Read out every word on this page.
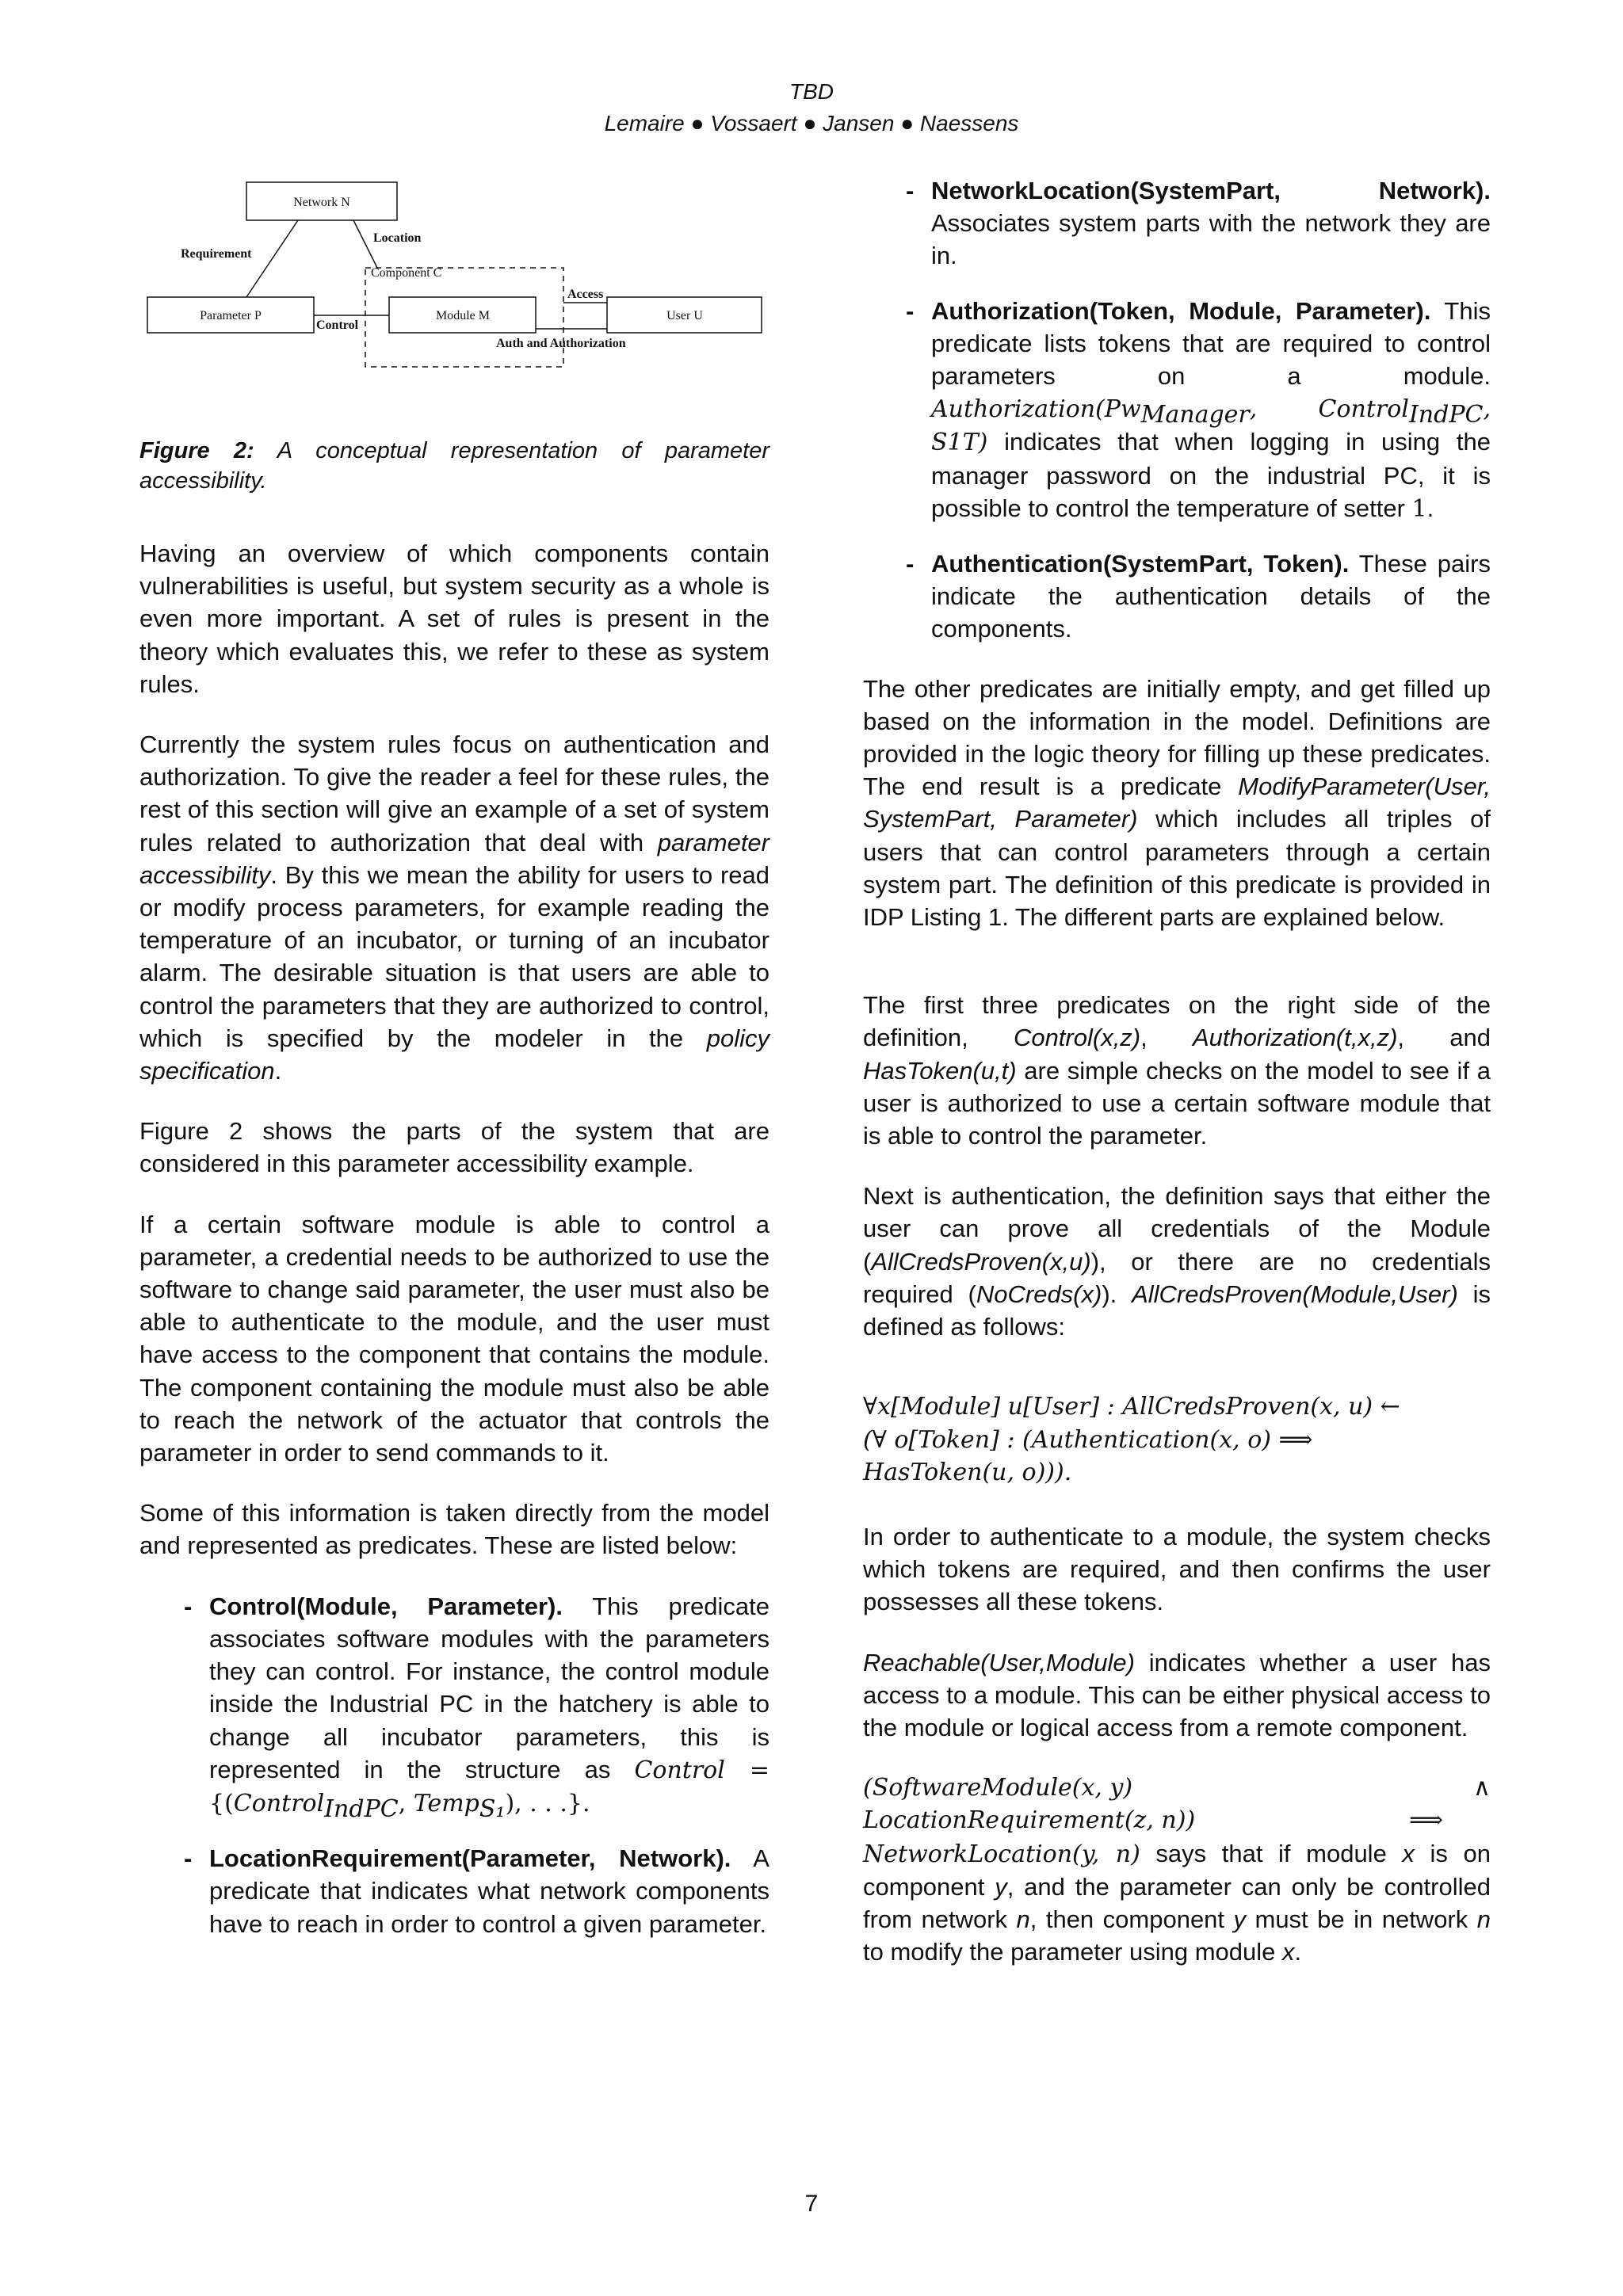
TBD
Lemaire ● Vossaert ● Jansen ● Naessens
Network N
Requirement
Location
Component C
Parameter P
Control
Module M
Access
Auth and Authorization
User U

Figure 2: A conceptual representation of parameter accessibility.

Having an overview of which components contain vulnerabilities is useful, but system security as a whole is even more important. A set of rules is present in the theory which evaluates this, we refer to these as system rules.

Currently the system rules focus on authentication and authorization. To give the reader a feel for these rules, the rest of this section will give an example of a set of system rules related to authorization that deal with parameter accessibility. By this we mean the ability for users to read or modify process parameters, for example reading the temperature of an incubator, or turning of an incubator alarm. The desirable situation is that users are able to control the parameters that they are authorized to control, which is specified by the modeler in the policy specification.

Figure 2 shows the parts of the system that are considered in this parameter accessibility example.

If a certain software module is able to control a parameter, a credential needs to be authorized to use the software to change said parameter, the user must also be able to authenticate to the module, and the user must have access to the component that contains the module. The component containing the module must also be able to reach the network of the actuator that controls the parameter in order to send commands to it.

Some of this information is taken directly from the model and represented as predicates. These are listed below:

- Control(Module, Parameter). This predicate associates software modules with the parameters they can control. For instance, the control module inside the Industrial PC in the hatchery is able to change all incubator parameters, this is represented in the structure as Control = {(Control$_{IndPC}$, Temp$_{S_1}$), . . .}.
- LocationRequirement(Parameter, Network). A predicate that indicates what network components have to reach in order to control a given parameter.
- NetworkLocation(SystemPart, Network). Associates system parts with the network they are in.
- Authorization(Token, Module, Parameter). This predicate lists tokens that are required to control parameters on a module. $Authorization(Pw_{Manager}$, Control$_{IndPC}$, S1T) indicates that when logging in using the manager password on the industrial PC, it is possible to control the temperature of setter 1.
- Authentication(SystemPart, Token). These pairs indicate the authentication details of the components.

The other predicates are initially empty, and get filled up based on the information in the model. Definitions are provided in the logic theory for filling up these predicates. The end result is a predicate ModifyParameter(User, SystemPart, Parameter) which includes all triples of users that can control parameters through a certain system part. The definition of this predicate is provided in IDP Listing 1. The different parts are explained below.

The first three predicates on the right side of the definition, Control(x,z), Authorization(t,x,z), and HasToken(u,t) are simple checks on the model to see if a user is authorized to use a certain software module that is able to control the parameter.

Next is authentication, the definition says that either the user can prove all credentials of the Module (AllCredsProven(x,u)), or there are no credentials required (NoCreds(x)). AllCredsProven(Module,User) is defined as follows:

∀x[Module] u[User] : AllCredsProven(x, u) ←
(∀ o[Token] : (Authentication(x, o) ⟹
HasToken(u, o))).

In order to authenticate to a module, the system checks which tokens are required, and then confirms the user possesses all these tokens.

Reachable(User,Module) indicates whether a user has access to a module. This can be either physical access to the module or logical access from a remote component.

(SoftwareModule(x, y)	∧
LocationRequirement(z, n))	⟹

NetworkLocation(y, n) says that if module x is on component y, and the parameter can only be controlled from network n, then component y must be in network n to modify the parameter using module x.

7
